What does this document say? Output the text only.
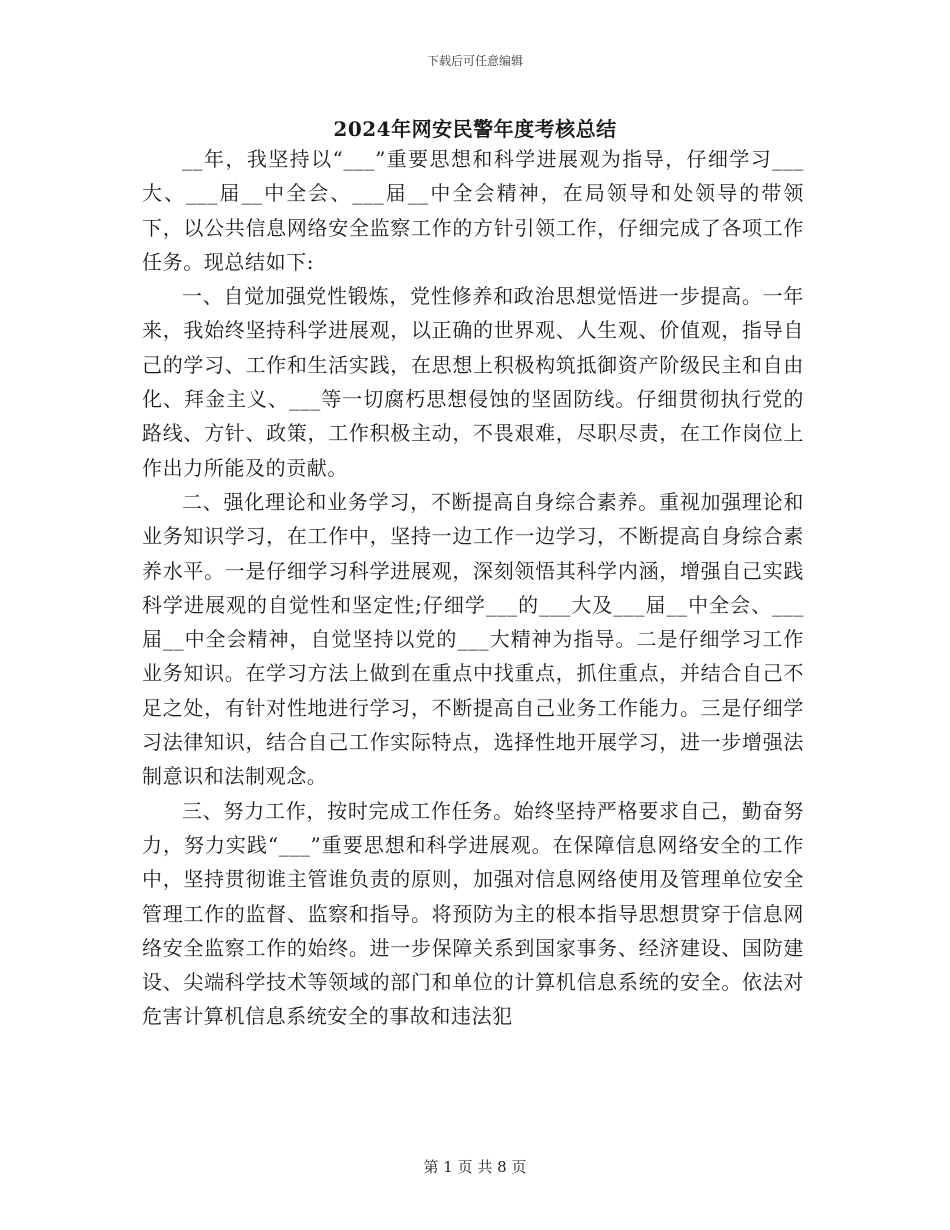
下载后可任意编辑
2024年网安民警年度考核总结

__年，我坚持以“___”重要思想和科学进展观为指导，仔细学习___大、___届__中全会、___届__中全会精神，在局领导和处领导的带领下，以公共信息网络安全监察工作的方针引领工作，仔细完成了各项工作任务。现总结如下:

一、自觉加强党性锻炼，党性修养和政治思想觉悟进一步提高。一年来，我始终坚持科学进展观，以正确的世界观、人生观、价值观，指导自己的学习、工作和生活实践，在思想上积极构筑抵御资产阶级民主和自由化、拜金主义、___等一切腐朽思想侵蚀的坚固防线。仔细贯彻执行党的路线、方针、政策，工作积极主动，不畏艰难，尽职尽责，在工作岗位上作出力所能及的贡献。

二、强化理论和业务学习，不断提高自身综合素养。重视加强理论和业务知识学习，在工作中，坚持一边工作一边学习，不断提高自身综合素养水平。一是仔细学习科学进展观，深刻领悟其科学内涵，增强自己实践科学进展观的自觉性和坚定性;仔细学___的___大及___届__中全会、___届__中全会精神，自觉坚持以党的___大精神为指导。二是仔细学习工作业务知识。在学习方法上做到在重点中找重点，抓住重点，并结合自己不足之处，有针对性地进行学习，不断提高自己业务工作能力。三是仔细学习法律知识，结合自己工作实际特点，选择性地开展学习，进一步增强法制意识和法制观念。

三、努力工作，按时完成工作任务。始终坚持严格要求自己，勤奋努力，努力实践“___”重要思想和科学进展观。在保障信息网络安全的工作中，坚持贯彻谁主管谁负责的原则，加强对信息网络使用及管理单位安全管理工作的监督、监察和指导。将预防为主的根本指导思想贯穿于信息网络安全监察工作的始终。进一步保障关系到国家事务、经济建设、国防建设、尖端科学技术等领域的部门和单位的计算机信息系统的安全。依法对危害计算机信息系统安全的事故和违法犯

第 1 页 共 8 页
